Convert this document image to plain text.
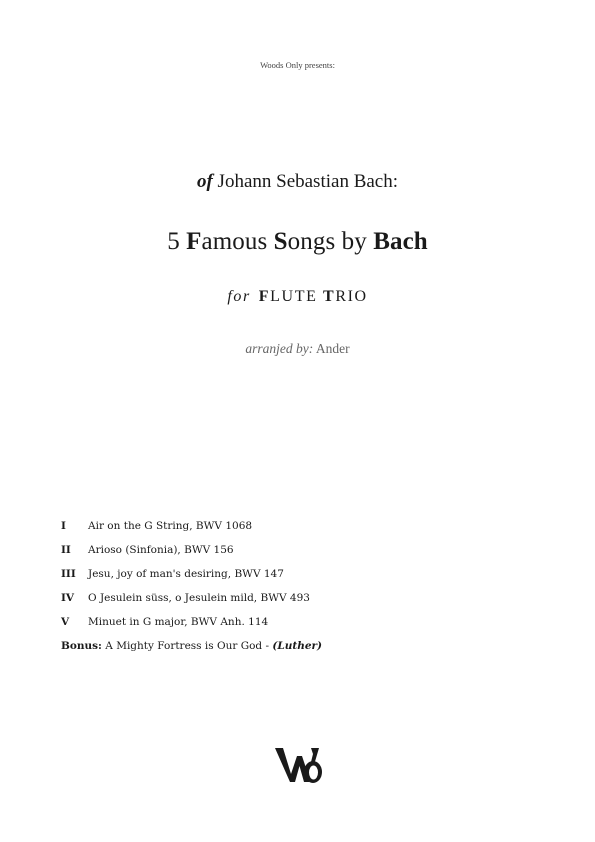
Woods Only presents:
of Johann Sebastian Bach:
5 Famous Songs by Bach
for FLUTE TRIO
arranjed by: Ander
I	Air on the G String, BWV 1068
II	Arioso (Sinfonia), BWV 156
III	Jesu, joy of man's desiring, BWV 147
IV	O Jesulein süss, o Jesulein mild, BWV 493
V	Minuet in G major, BWV Anh. 114
Bonus: A Mighty Fortress is Our God - (Luther)
